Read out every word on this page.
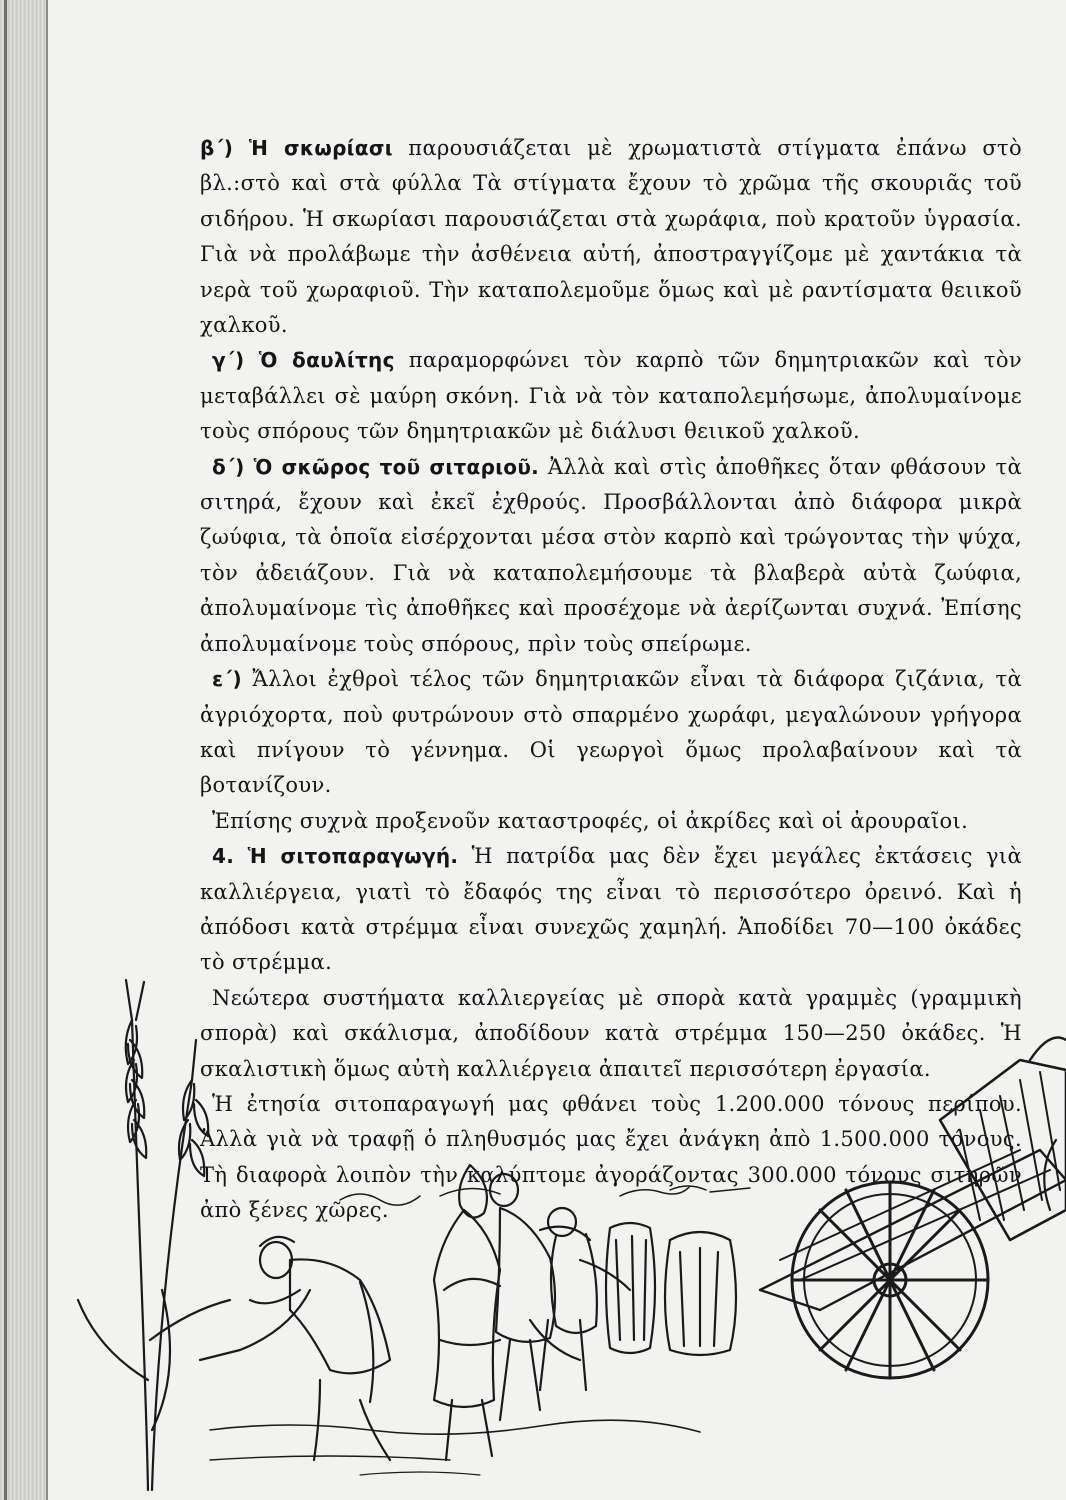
β΄) Ἡ σκωρίασι παρουσιάζεται μὲ χρωματιστὰ στίγματα ἐπάνω στὸ βλ.:στὸ καὶ στὰ φύλλα Τὰ στίγματα ἔχουν τὸ χρῶμα τῆς σκουριᾶς τοῦ σιδήρου. Ἡ σκωρίασι παρουσιάζεται στὰ χωράφια, ποὺ κρατοῦν ὑγρασία. Γιὰ νὰ προλάβωμε τὴν ἀσθένεια αὐτή, ἀποστραγγίζομε μὲ χαντάκια τὰ νερὰ τοῦ χωραφιοῦ. Τὴν καταπολεμοῦμε ὅμως καὶ μὲ ραντίσματα θειικοῦ χαλκοῦ.

γ΄) Ὁ δαυλίτης παραμορφώνει τὸν καρπὸ τῶν δημητριακῶν καὶ τὸν μεταβάλλει σὲ μαύρη σκόνη. Γιὰ νὰ τὸν καταπολεμήσωμε, ἀπολυμαίνομε τοὺς σπόρους τῶν δημητριακῶν μὲ διάλυσι θειικοῦ χαλκοῦ.

δ΄) Ὁ σκῶρος τοῦ σιταριοῦ. Ἀλλὰ καὶ στὶς ἀποθῆκες ὅταν φθάσουν τὰ σιτηρά, ἔχουν καὶ ἐκεῖ ἐχθρούς. Προσβάλλονται ἀπὸ διάφορα μικρὰ ζωύφια, τὰ ὁποῖα εἰσέρχονται μέσα στὸν καρπὸ καὶ τρώγοντας τὴν ψύχα, τὸν ἀδειάζουν. Γιὰ νὰ καταπολεμήσουμε τὰ βλαβερὰ αὐτὰ ζωύφια, ἀπολυμαίνομε τὶς ἀποθῆκες καὶ προσέχομε νὰ ἀερίζωνται συχνά. Ἐπίσης ἀπολυμαίνομε τοὺς σπόρους, πρὶν τοὺς σπείρωμε.

ε΄) Ἄλλοι ἐχθροὶ τέλος τῶν δημητριακῶν εἶναι τὰ διάφορα ζιζάνια, τὰ ἀγριόχορτα, ποὺ φυτρώνουν στὸ σπαρμένο χωράφι, μεγαλώνουν γρήγορα καὶ πνίγουν τὸ γέννημα. Οἱ γεωργοὶ ὅμως προλαβαίνουν καὶ τὰ βοτανίζουν.

Ἐπίσης συχνὰ προξενοῦν καταστροφές, οἱ ἀκρίδες καὶ οἱ ἀρουραῖοι.

4. Ἡ σιτοπαραγωγή. Ἡ πατρίδα μας δὲν ἔχει μεγάλες ἐκτάσεις γιὰ καλλιέργεια, γιατὶ τὸ ἔδαφός της εἶναι τὸ περισσότερο ὀρεινό. Καὶ ἡ ἀπόδοσι κατὰ στρέμμα εἶναι συνεχῶς χαμηλή. Ἀποδίδει 70—100 ὀκάδες τὸ στρέμμα.

Νεώτερα συστήματα καλλιεργείας μὲ σπορὰ κατὰ γραμμὲς (γραμμικὴ σπορὰ) καὶ σκάλισμα, ἀποδίδουν κατὰ στρέμμα 150—250 ὀκάδες. Ἡ σκαλιστικὴ ὅμως αὐτὴ καλλιέργεια ἀπαιτεῖ περισσότερη ἐργασία.

Ἡ ἐτησία σιτοπαραγωγή μας φθάνει τοὺς 1.200.000 τόνους περίπου. Ἀλλὰ γιὰ νὰ τραφῇ ὁ πληθυσμός μας ἔχει ἀνάγκη ἀπὸ 1.500.000 τόνους. Τὴ διαφορὰ λοιπὸν τὴν καλύπτομε ἀγοράζοντας 300.000 τόνους σιτηρῶν ἀπὸ ξένες χῶρες.
